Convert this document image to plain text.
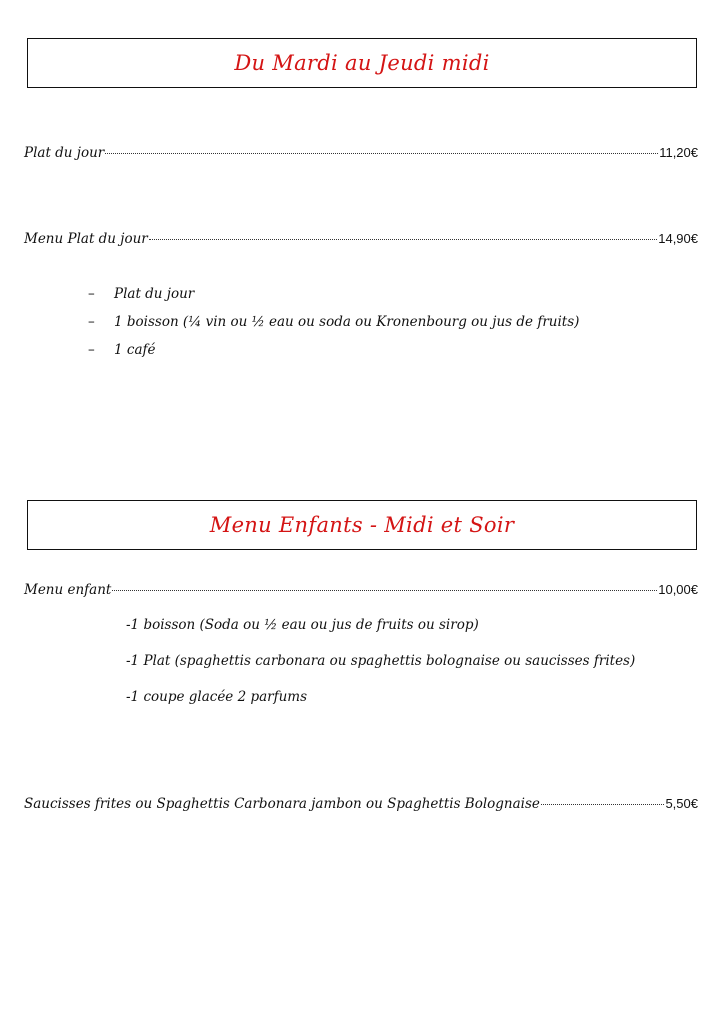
Du Mardi au Jeudi midi
Plat du jour	11,20€
Menu Plat du jour	14,90€
–	Plat du jour
–	1 boisson (¼ vin ou ½ eau ou soda ou Kronenbourg ou jus de fruits)
–	1 café
Menu Enfants - Midi et Soir
Menu enfant	10,00€
-1 boisson (Soda ou ½ eau ou jus de fruits ou sirop)
-1 Plat (spaghettis carbonara ou spaghettis bolognaise ou saucisses frites)
-1 coupe glacée 2 parfums
Saucisses frites ou Spaghettis Carbonara jambon ou Spaghettis Bolognaise	5,50€
